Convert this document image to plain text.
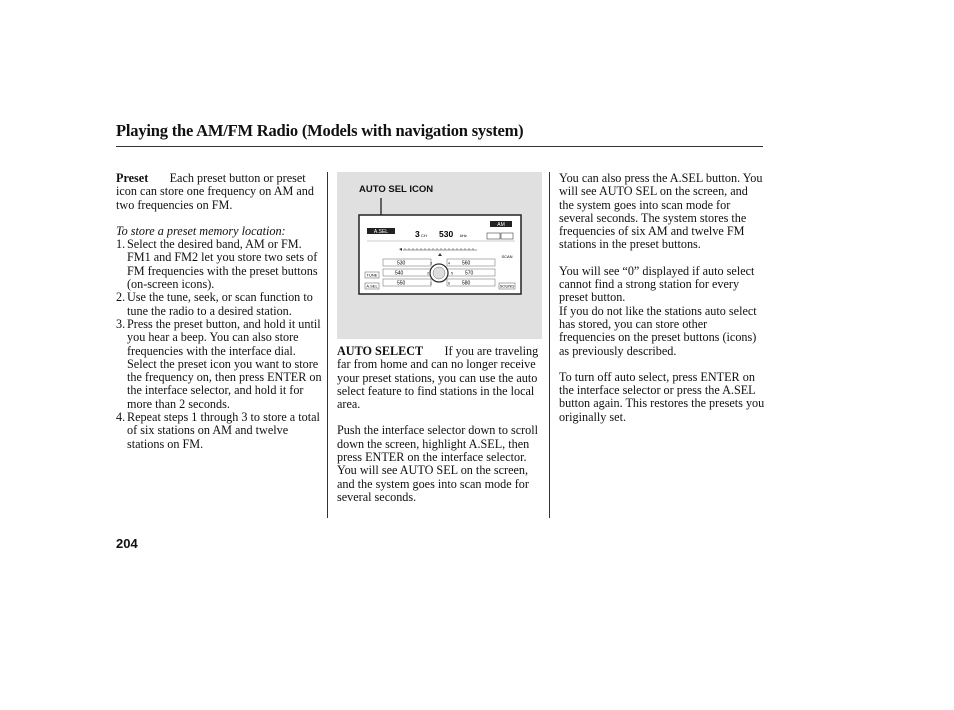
Playing the AM/FM Radio (Models with navigation system)

Preset Each preset button or preset icon can store one frequency on AM and two frequencies on FM.

To store a preset memory location:

1. Select the desired band, AM or FM. FM1 and FM2 let you store two sets of FM frequencies with the preset buttons (on-screen icons).
2. Use the tune, seek, or scan function to tune the radio to a desired station.
3. Press the preset button, and hold it until you hear a beep. You can also store frequencies with the interface dial. Select the preset icon you want to store the frequency on, then press ENTER on the interface selector, and hold it for more than 2 seconds.
4. Repeat steps 1 through 3 to store a total of six stations on AM and twelve stations on FM.
AUTO SEL ICON
A.SEL	3 CH 530 kHz
AM
530	3
540	2
550	1
4 560
5 570
6 580
SCAN
TUNE
A.SEL	SOUND

AUTO SELECT If you are traveling far from home and can no longer receive your preset stations, you can use the auto select feature to find stations in the local area.

Push the interface selector down to scroll down the screen, highlight A.SEL, then press ENTER on the interface selector. You will see AUTO SEL on the screen, and the system goes into scan mode for several seconds.

You can also press the A.SEL button. You will see AUTO SEL on the screen, and the system goes into scan mode for several seconds. The system stores the frequencies of six AM and twelve FM stations in the preset buttons.

You will see “0” displayed if auto select cannot find a strong station for every preset button.

If you do not like the stations auto select has stored, you can store other frequencies on the preset buttons (icons) as previously described.

To turn off auto select, press ENTER on the interface selector or press the A.SEL button again. This restores the presets you originally set.

204
